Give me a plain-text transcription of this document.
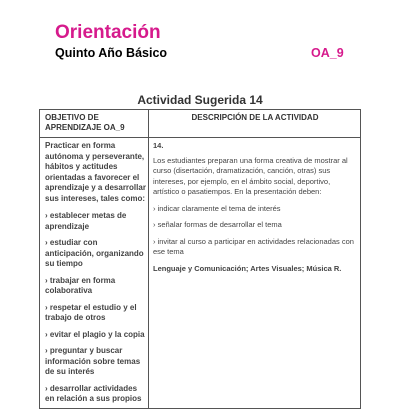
Orientación
Quinto Año Básico	OA_9
Actividad Sugerida 14
OBJETIVO DE APRENDIZAJE OA_9
DESCRIPCIÓN DE LA ACTIVIDAD

Practicar en forma autónoma y perseverante, hábitos y actitudes orientadas a favorecer el aprendizaje y a desarrollar sus intereses, tales como:

› establecer metas de aprendizaje

› estudiar con anticipación, organizando su tiempo

› trabajar en forma colaborativa

› respetar el estudio y el trabajo de otros

› evitar el plagio y la copia

› preguntar y buscar información sobre temas de su interés

› desarrollar actividades en relación a sus propios

14.

Los estudiantes preparan una forma creativa de mostrar al curso (disertación, dramatización, canción, otras) sus intereses, por ejemplo, en el ámbito social, deportivo, artístico o pasatiempos. En la presentación deben:

› indicar claramente el tema de interés

› señalar formas de desarrollar el tema

› invitar al curso a participar en actividades relacionadas con ese tema

Lenguaje y Comunicación; Artes Visuales; Música R.
